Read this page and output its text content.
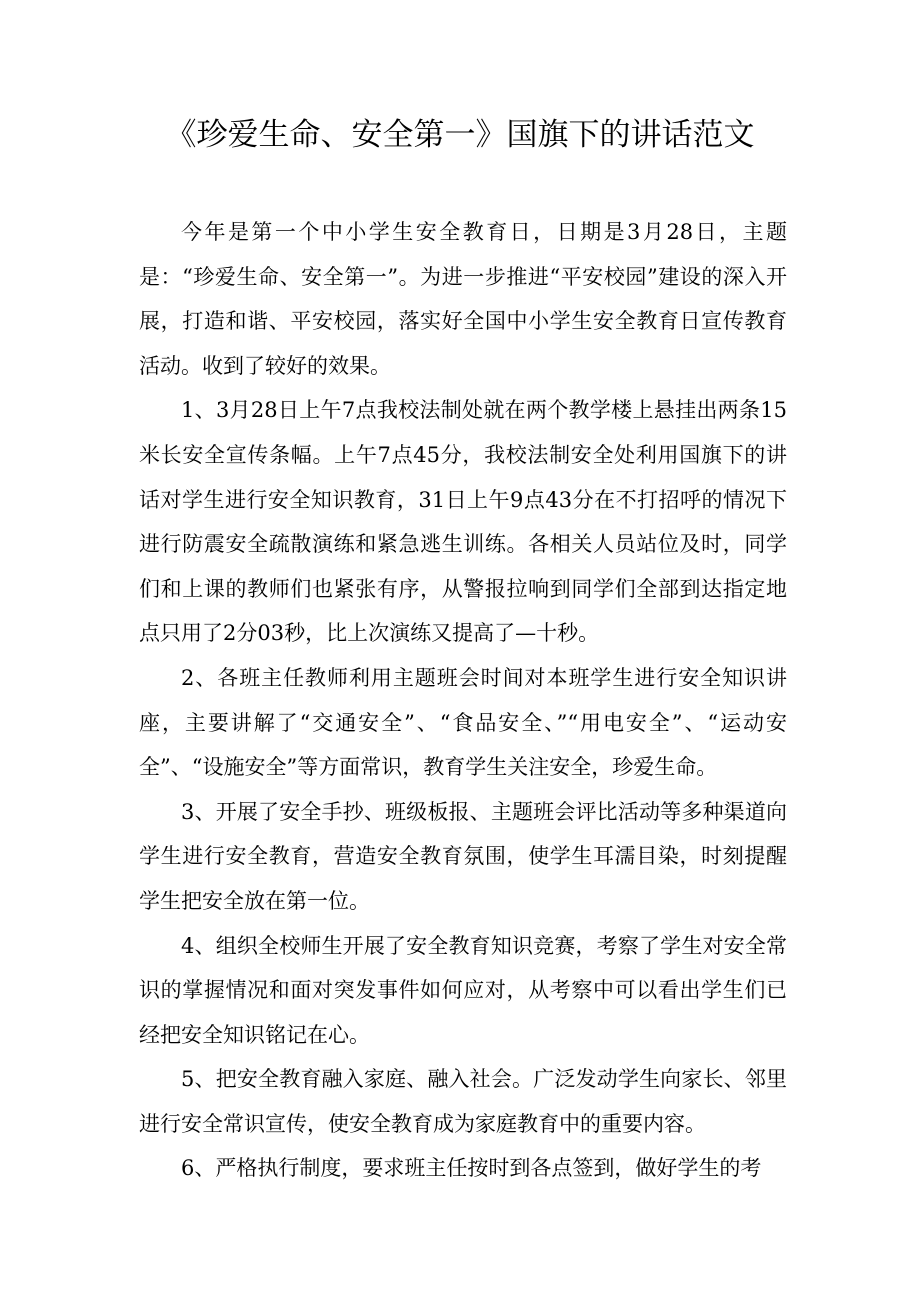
《珍爱生命、安全第一》国旗下的讲话范文

今年是第一个中小学生安全教育日，日期是3月28日，主题是：“珍爱生命、安全第一”。为进一步推进“平安校园”建设的深入开展，打造和谐、平安校园，落实好全国中小学生安全教育日宣传教育活动。收到了较好的效果。

1、3月28日上午7点我校法制处就在两个教学楼上悬挂出两条15米长安全宣传条幅。上午7点45分，我校法制安全处利用国旗下的讲话对学生进行安全知识教育，31日上午9点43分在不打招呼的情况下进行防震安全疏散演练和紧急逃生训练。各相关人员站位及时，同学们和上课的教师们也紧张有序，从警报拉响到同学们全部到达指定地点只用了2分03秒，比上次演练又提高了—十秒。

2、各班主任教师利用主题班会时间对本班学生进行安全知识讲座，主要讲解了“交通安全”、“食品安全、”“用电安全”、“运动安全”、“设施安全”等方面常识，教育学生关注安全，珍爱生命。

3、开展了安全手抄、班级板报、主题班会评比活动等多种渠道向学生进行安全教育，营造安全教育氛围，使学生耳濡目染，时刻提醒学生把安全放在第一位。

4、组织全校师生开展了安全教育知识竞赛，考察了学生对安全常识的掌握情况和面对突发事件如何应对，从考察中可以看出学生们已经把安全知识铭记在心。

5、把安全教育融入家庭、融入社会。广泛发动学生向家长、邻里进行安全常识宣传，使安全教育成为家庭教育中的重要内容。

6、严格执行制度，要求班主任按时到各点签到，做好学生的考
